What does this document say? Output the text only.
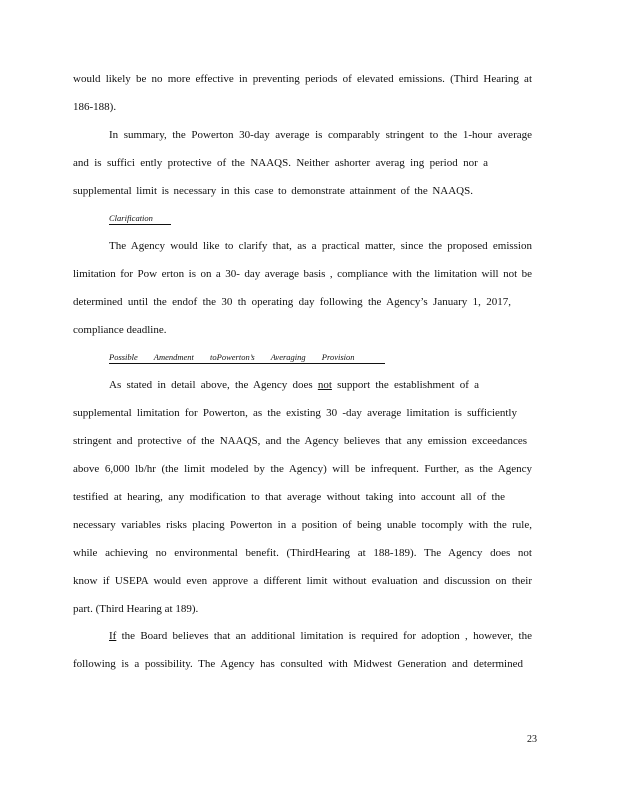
would likely be no more effective in preventing periods of elevated emissions. (Third Hearing at
186-188).
In summary, the Powerton 30-day average is comparably stringent to the 1-hour average
and is suffici ently protective of the NAAQS. Neither ashorter averag ing period nor a
supplemental limit is necessary in this case to demonstrate attainment of the NAAQS.
Clarification
The Agency would like to clarify that, as a practical matter, since the proposed emission
limitation for Pow erton is on a 30- day average basis , compliance with the limitation will not be
determined until the endof the 30 th operating day following the Agency’s January 1, 2017,
compliance deadline.
Possible Amendment toPowerton’s Averaging Provision
As stated in detail above, the Agency does not support the establishment of a
supplemental limitation for Powerton, as the existing 30 -day average limitation is sufficiently
stringent and protective of the NAAQS, and the Agency believes that any emission exceedances
above 6,000 lb/hr (the limit modeled by the Agency) will be infrequent. Further, as the Agency
testified at hearing, any modification to that average without taking into account all of the
necessary variables risks placing Powerton in a position of being unable tocomply with the rule,
while achieving no environmental benefit. (ThirdHearing at 188-189). The Agency does not
know if USEPA would even approve a different limit without evaluation and discussion on their
part. (Third Hearing at 189).
If the Board believes that an additional limitation is required for adoption , however, the
following is a possibility. The Agency has consulted with Midwest Generation and determined
23
